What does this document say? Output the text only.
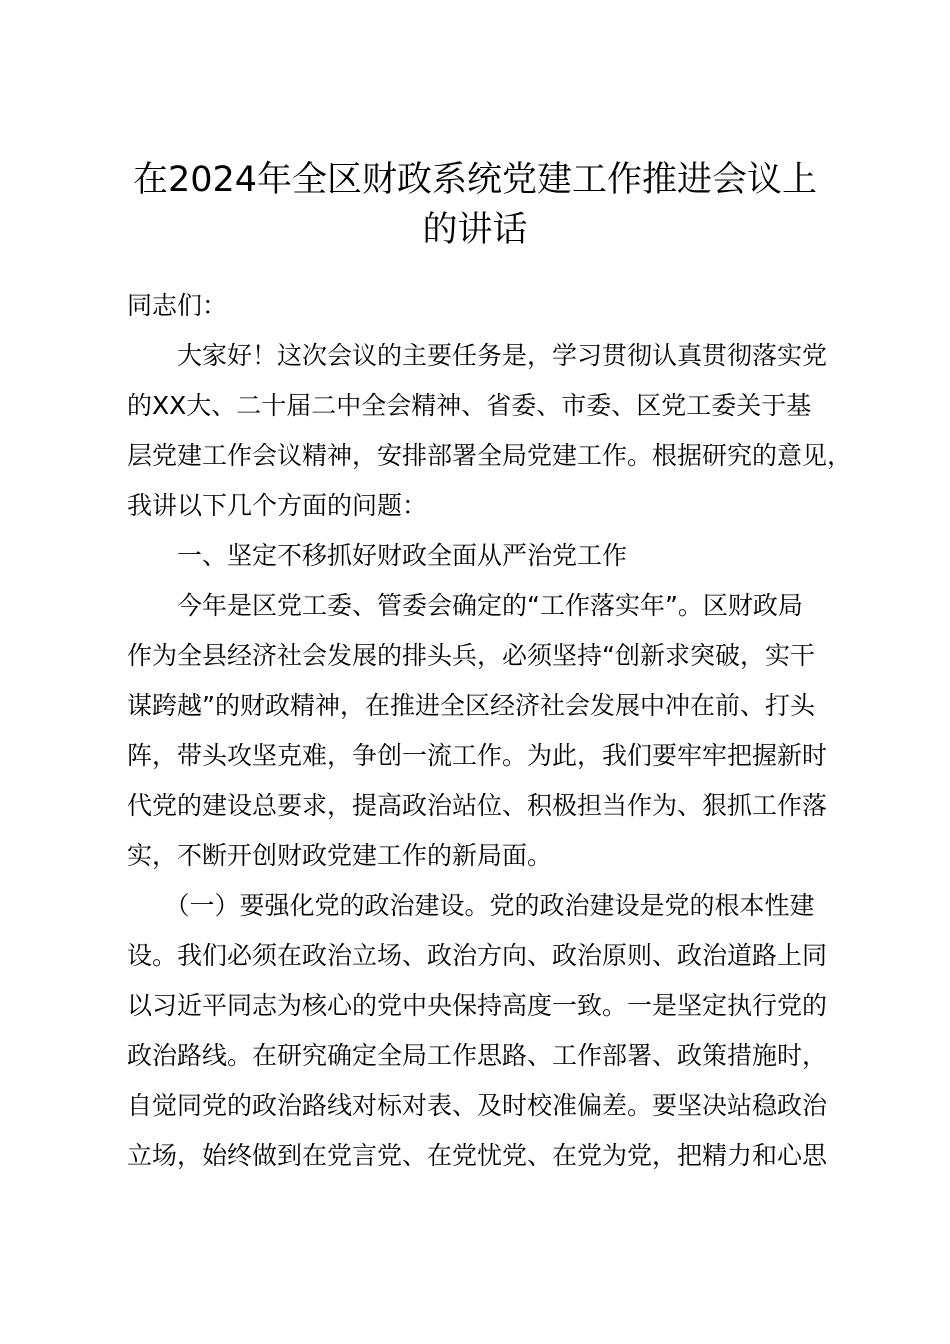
在2024年全区财政系统党建工作推进会议上
的讲话
同志们：
　　大家好！这次会议的主要任务是，学习贯彻认真贯彻落实党
的XX大、二十届二中全会精神、省委、市委、区党工委关于基
层党建工作会议精神，安排部署全局党建工作。根据研究的意见，
我讲以下几个方面的问题：
　　一、坚定不移抓好财政全面从严治党工作
　　今年是区党工委、管委会确定的“工作落实年”。区财政局
作为全县经济社会发展的排头兵，必须坚持“创新求突破，实干
谋跨越”的财政精神，在推进全区经济社会发展中冲在前、打头
阵，带头攻坚克难，争创一流工作。为此，我们要牢牢把握新时
代党的建设总要求，提高政治站位、积极担当作为、狠抓工作落
实，不断开创财政党建工作的新局面。
　　（一）要强化党的政治建设。党的政治建设是党的根本性建
设。我们必须在政治立场、政治方向、政治原则、政治道路上同
以习近平同志为核心的党中央保持高度一致。一是坚定执行党的
政治路线。在研究确定全局工作思路、工作部署、政策措施时，
自觉同党的政治路线对标对表、及时校准偏差。要坚决站稳政治
立场，始终做到在党言党、在党忧党、在党为党，把精力和心思
